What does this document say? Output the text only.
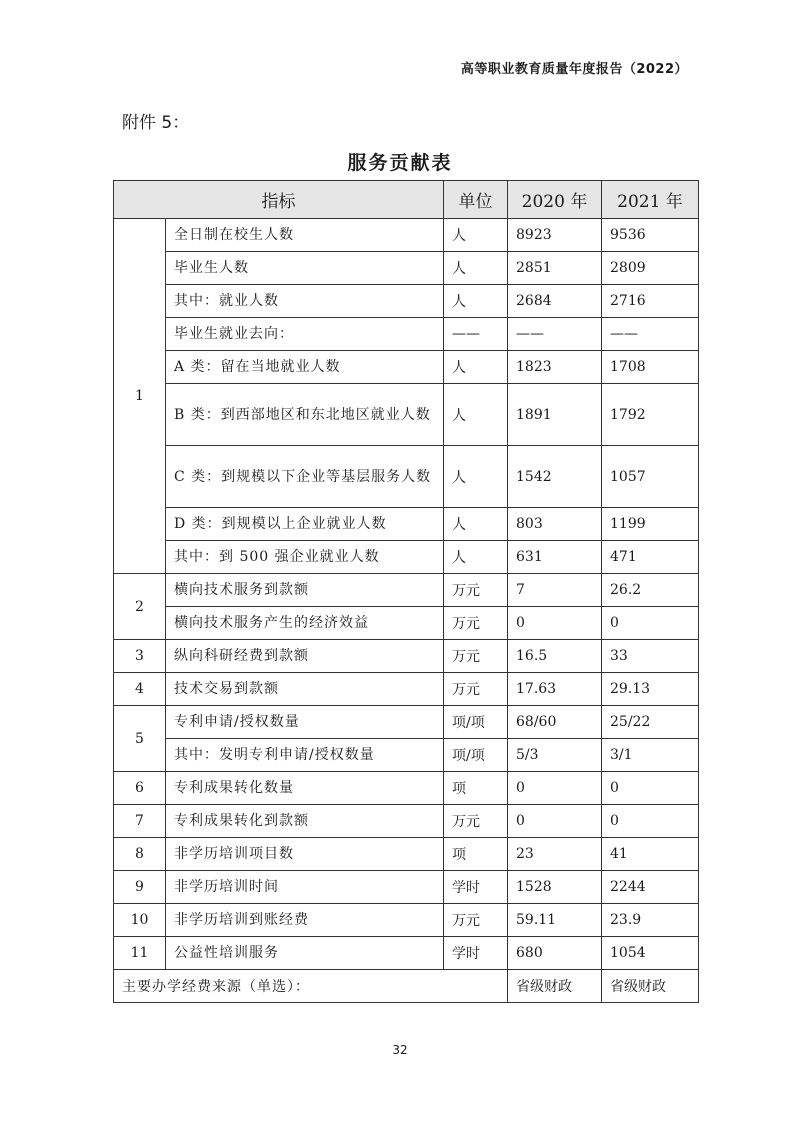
高等职业教育质量年度报告（2022）
附件 5：
服务贡献表
指标		单位	2020 年	2021 年
1	全日制在校生人数	人	8923	9536
	毕业生人数	人	2851	2809
	其中：就业人数	人	2684	2716
	毕业生就业去向：	——	——	——
	A 类：留在当地就业人数	人	1823	1708
	B 类：到西部地区和东北地区就业人数	人	1891	1792
	C 类：到规模以下企业等基层服务人数	人	1542	1057
	D 类：到规模以上企业就业人数	人	803	1199
	其中：到 500 强企业就业人数	人	631	471
2	横向技术服务到款额	万元	7	26.2
	横向技术服务产生的经济效益	万元	0	0
3	纵向科研经费到款额	万元	16.5	33
4	技术交易到款额	万元	17.63	29.13
5	专利申请/授权数量	项/项	68/60	25/22
	其中：发明专利申请/授权数量	项/项	5/3	3/1
6	专利成果转化数量	项	0	0
7	专利成果转化到款额	万元	0	0
8	非学历培训项目数	项	23	41
9	非学历培训时间	学时	1528	2244
10	非学历培训到账经费	万元	59.11	23.9
11	公益性培训服务	学时	680	1054
主要办学经费来源（单选）：			省级财政	省级财政
32
